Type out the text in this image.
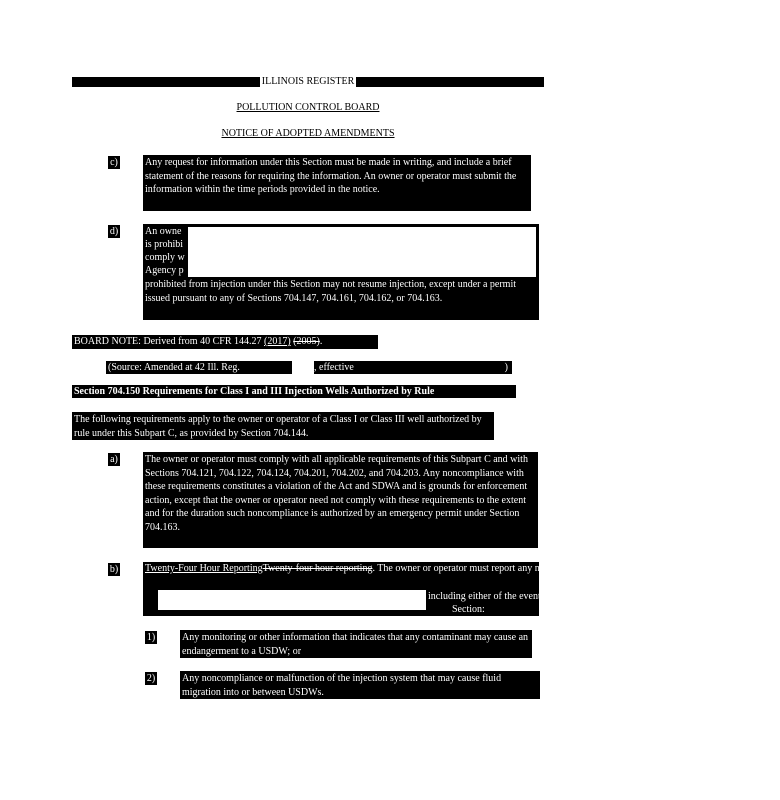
ILLINOIS REGISTER
POLLUTION CONTROL BOARD
NOTICE OF ADOPTED AMENDMENTS
c)	Any request for information under this Section must be made in writing, and include a brief statement of the reasons for requiring the information. An owner or operator must submit the information within the time periods provided in the notice.
d)	An owne
is prohibi
comply w
Agency p
prohibited from injection under this Section may not resume injection, except under a permit issued pursuant to any of Sections 704.147, 704.161, 704.162, or 704.163.
BOARD NOTE: Derived from 40 CFR 144.27 (2017) (2005).
(Source: Amended at 42 Ill. Reg.	, effective	)
Section 704.150 Requirements for Class I and III Injection Wells Authorized by Rule
The following requirements apply to the owner or operator of a Class I or Class III well authorized by rule under this Subpart C, as provided by Section 704.144.
a)	The owner or operator must comply with all applicable requirements of this Subpart C and with Sections 704.121, 704.122, 704.124, 704.201, 704.202, and 704.203. Any noncompliance with these requirements constitutes a violation of the Act and SDWA and is grounds for enforcement action, except that the owner or operator need not comply with these requirements to the extent and for the duration such noncompliance is authorized by an emergency permit under Section 704.163.
b)	Twenty-Four Hour ReportingTwenty-four hour reporting. The owner or operator must report any noncompliance that may endanger health or the environment,
including either of the events described in subsection (b)(1) or (b)(2) of this
Section:
1)	Any monitoring or other information that indicates that any contaminant may cause an endangerment to a USDW; or
2)	Any noncompliance or malfunction of the injection system that may cause fluid migration into or between USDWs.
